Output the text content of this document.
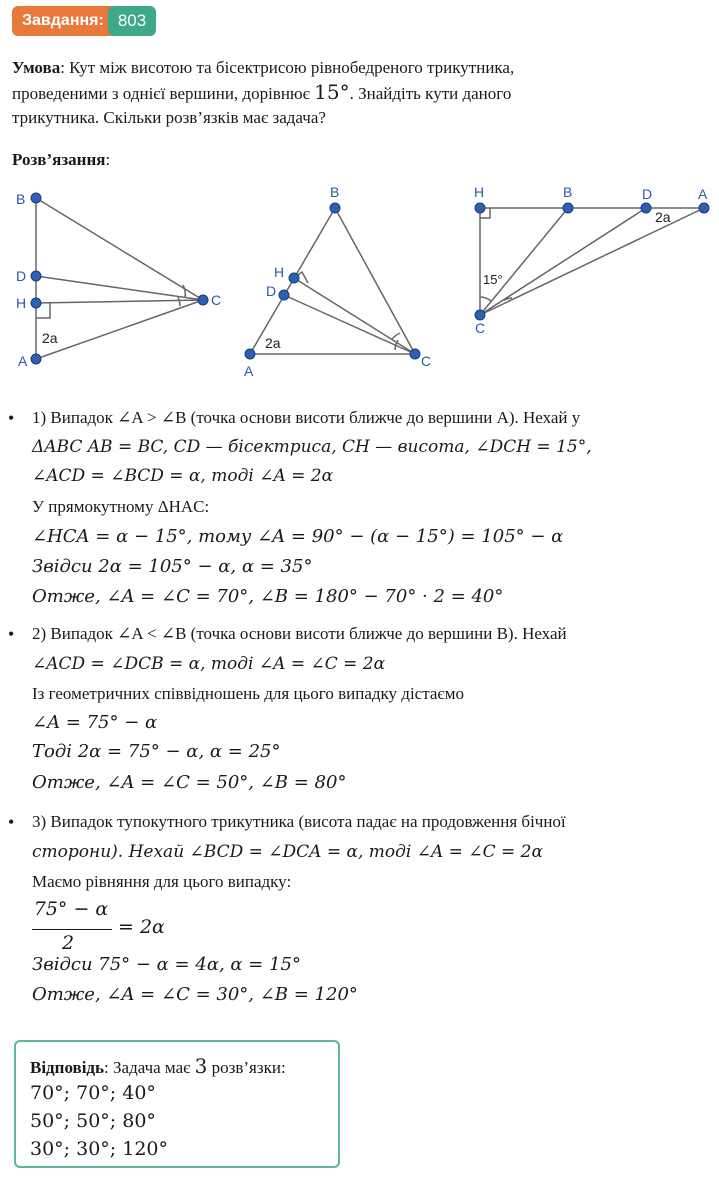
Завдання: 803
Умова: Кут між висотою та бісектрисою рівнобедреного трикутника,
проведеними з однієї вершини, дорівнює 15°. Знайдіть кути даного
трикутника. Скільки розв’язків має задача?
Розв’язання:
B
D
H
A
C
2a
B
H
D
A
C
2a
H	B	D	A
C
2a
15°
• 1) Випадок ∠A > ∠B (точка основи висоти ближче до вершини A). Нехай у
ΔABC AB = BC, CD — бісектриса, CH — висота, ∠DCH = 15°,
∠ACD = ∠BCD = α, тоді ∠A = 2α
У прямокутному ΔHAC:
∠HCA = α − 15°, тому ∠A = 90° − (α − 15°) = 105° − α
Звідси 2α = 105° − α, α = 35°
Отже, ∠A = ∠C = 70°, ∠B = 180° − 70° · 2 = 40°
• 2) Випадок ∠A < ∠B (точка основи висоти ближче до вершини B). Нехай
∠ACD = ∠DCB = α, тоді ∠A = ∠C = 2α
Із геометричних співвідношень для цього випадку дістаємо
∠A = 75° − α
Тоді 2α = 75° − α, α = 25°
Отже, ∠A = ∠C = 50°, ∠B = 80°
• 3) Випадок тупокутного трикутника (висота падає на продовження бічної
сторони). Нехай ∠BCD = ∠DCA = α, тоді ∠A = ∠C = 2α
Маємо рівняння для цього випадку:
75° − α
2
= 2α
Звідси 75° − α = 4α, α = 15°
Отже, ∠A = ∠C = 30°, ∠B = 120°
Відповідь: Задача має 3 розв’язки:
70°; 70°; 40°
50°; 50°; 80°
30°; 30°; 120°
